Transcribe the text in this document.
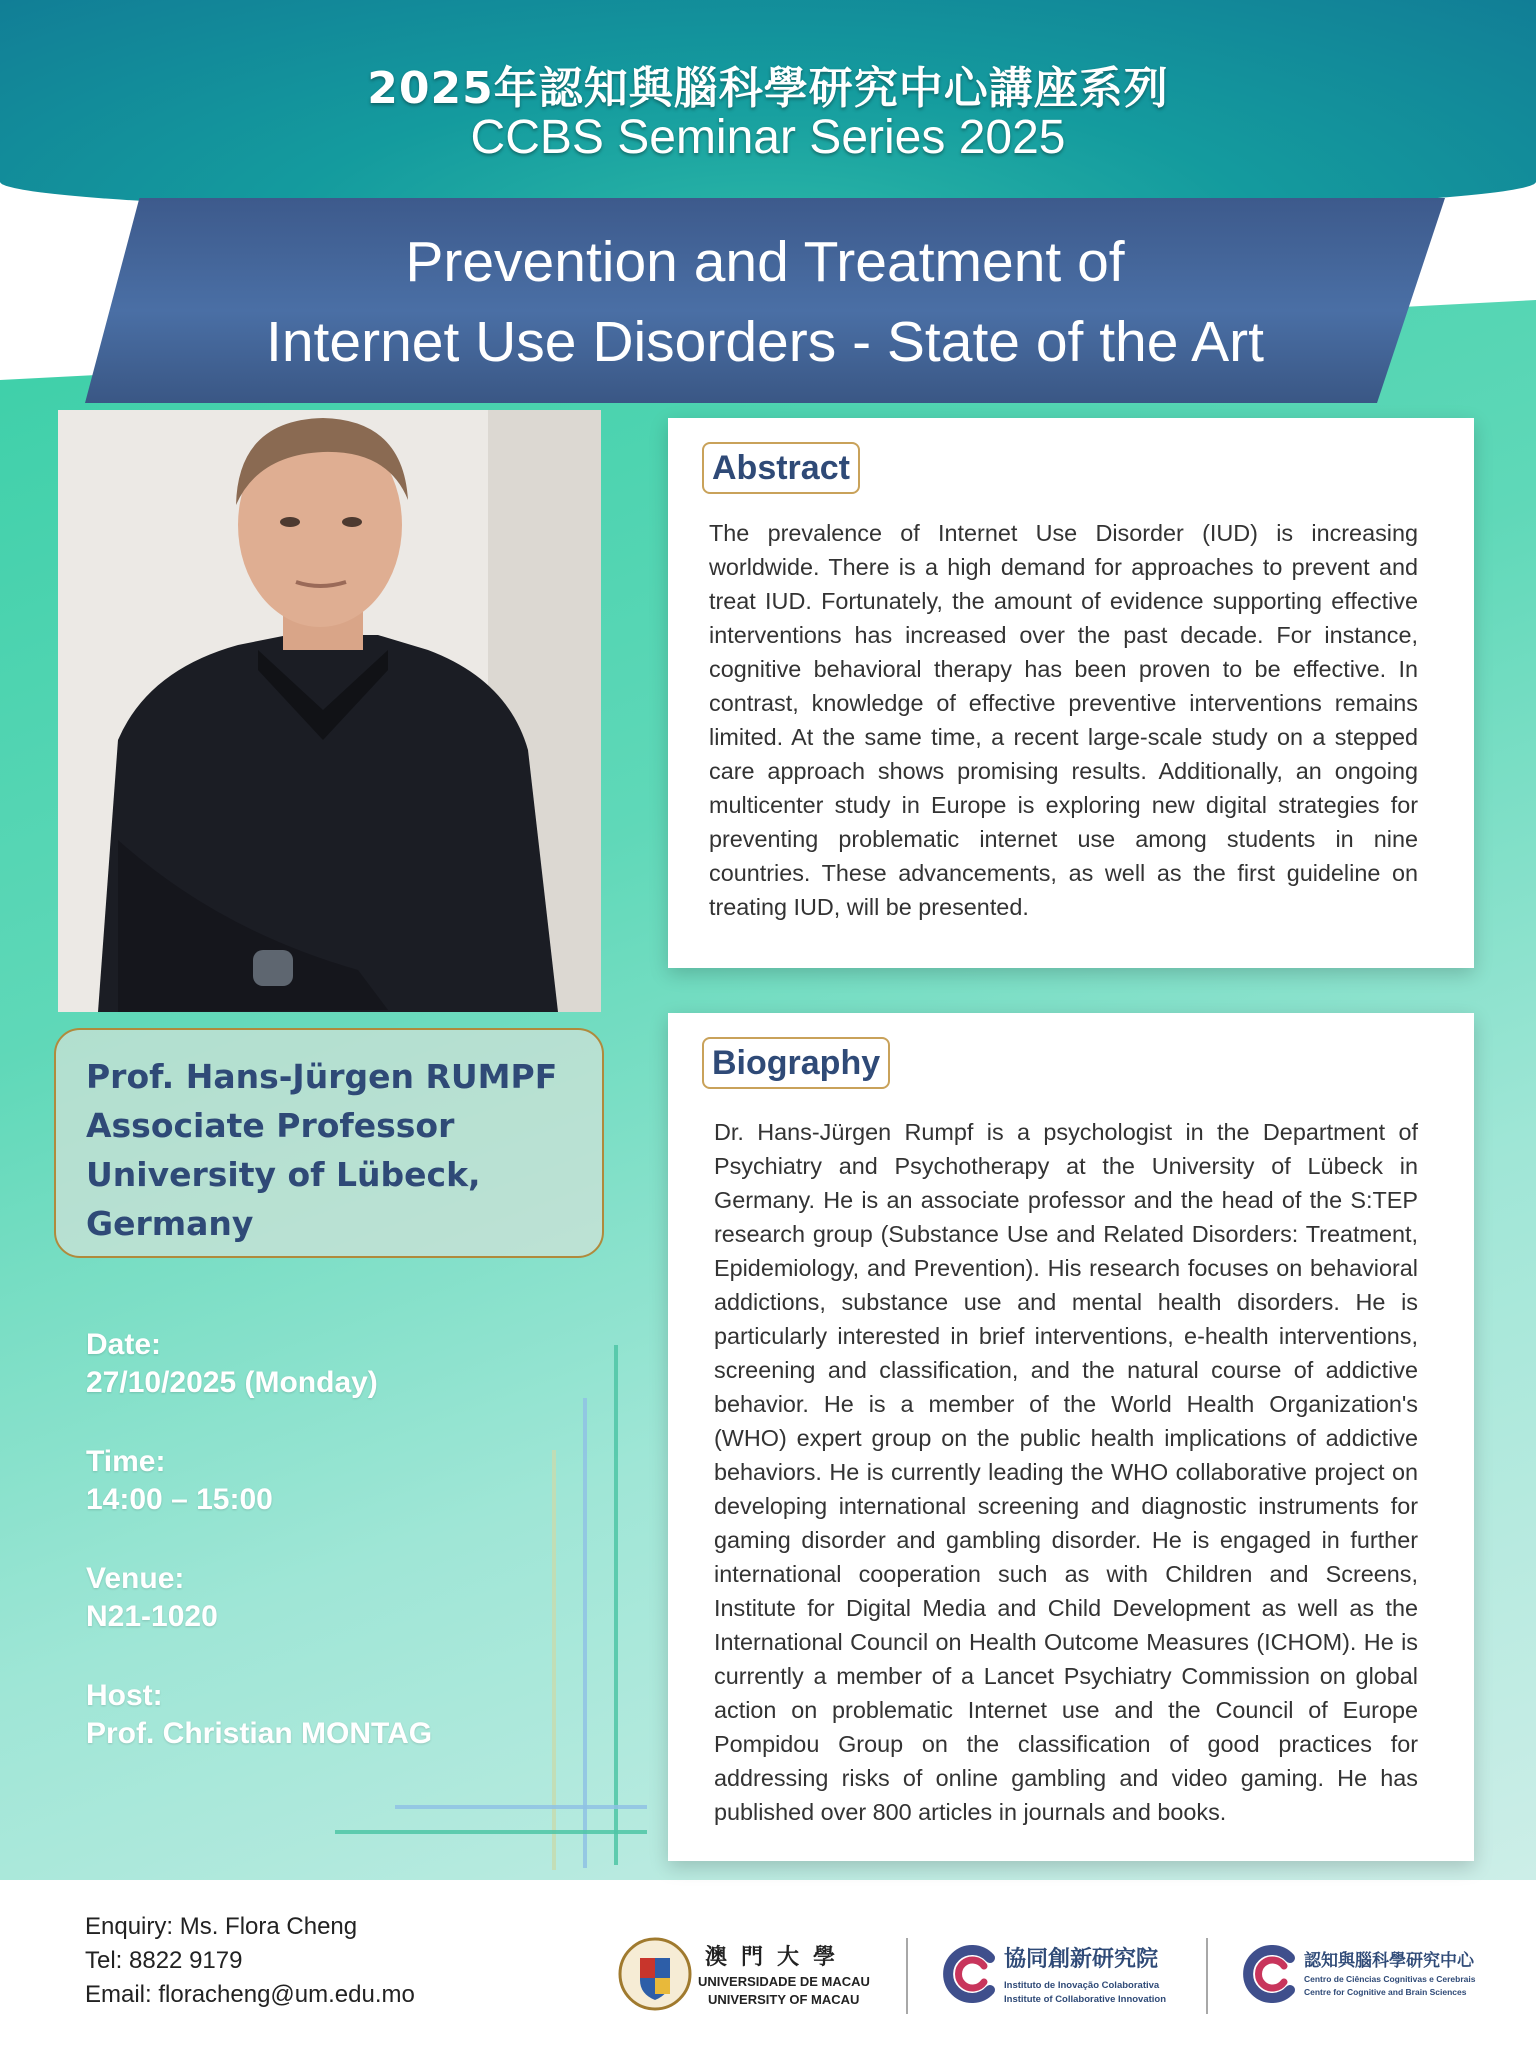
2025年認知與腦科學研究中心講座系列
CCBS Seminar Series 2025
Prevention and Treatment of
Internet Use Disorders - State of the Art
Prof. Hans-Jürgen RUMPF
Associate Professor
University of Lübeck,
Germany
Date:
27/10/2025 (Monday)
Time:
14:00 – 15:00
Venue:
N21-1020
Host:
Prof. Christian MONTAG
Abstract
The prevalence of Internet Use Disorder (IUD) is increasing worldwide. There is a high demand for approaches to prevent and treat IUD. Fortunately, the amount of evidence supporting effective interventions has increased over the past decade. For instance, cognitive behavioral therapy has been proven to be effective. In contrast, knowledge of effective preventive interventions remains limited. At the same time, a recent large-scale study on a stepped care approach shows promising results. Additionally, an ongoing multicenter study in Europe is exploring new digital strategies for preventing problematic internet use among students in nine countries. These advancements, as well as the first guideline on treating IUD, will be presented.
Biography
Dr. Hans-Jürgen Rumpf is a psychologist in the Department of Psychiatry and Psychotherapy at the University of Lübeck in Germany. He is an associate professor and the head of the S:TEP research group (Substance Use and Related Disorders: Treatment, Epidemiology, and Prevention). His research focuses on behavioral addictions, substance use and mental health disorders. He is particularly interested in brief interventions, e-health interventions, screening and classification, and the natural course of addictive behavior. He is a member of the World Health Organization's (WHO) expert group on the public health implications of addictive behaviors. He is currently leading the WHO collaborative project on developing international screening and diagnostic instruments for gaming disorder and gambling disorder. He is engaged in further international cooperation such as with Children and Screens, Institute for Digital Media and Child Development as well as the International Council on Health Outcome Measures (ICHOM). He is currently a member of a Lancet Psychiatry Commission on global action on problematic Internet use and the Council of Europe Pompidou Group on the classification of good practices for addressing risks of online gambling and video gaming. He has published over 800 articles in journals and books.
Enquiry: Ms. Flora Cheng
Tel: 8822 9179
Email: floracheng@um.edu.mo
澳門大學
UNIVERSIDADE DE MACAU
UNIVERSITY OF MACAU
協同創新研究院
Instituto de Inovação Colaborativa
Institute of Collaborative Innovation
認知與腦科學研究中心
Centro de Ciências Cognitivas e Cerebrais
Centre for Cognitive and Brain Sciences
